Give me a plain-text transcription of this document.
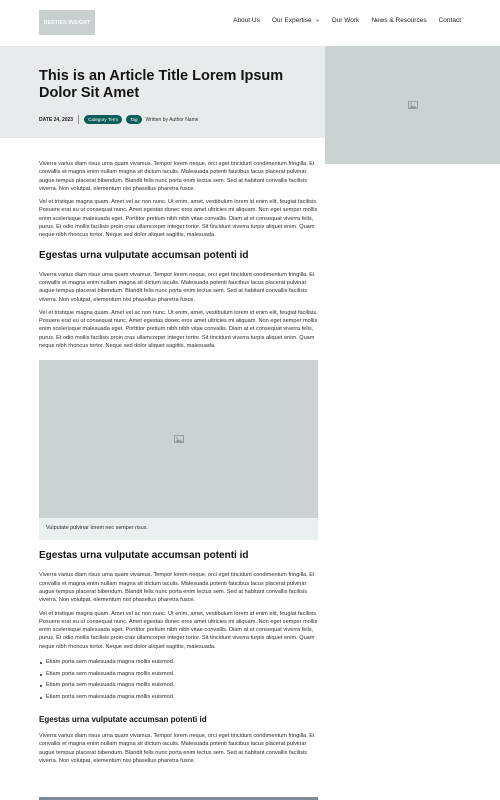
DESTIEN INSIGHT	About Us Our Expertise	Our Work News & Resources Contact
This is an Article Title Lorem Ipsum Dolor Sit Amet
DATE 24, 2023	Category Term	Tag	Written by Author Name

Viverra varius diam risus urna quam vivamus. Tempor lorem neque, orci eget tincidunt condimentum fringilla. Et convallis et magna enim nullam magna sit dictum iaculis. Malesuada potenti faucibus lacus placerat pulvinar augue tempus placerat bibendum. Blandit felis nunc porta enim lectus sem. Sed at habitant convallis facilisis viverra. Non volutpat, elementum nisi phasellus pharetra fusce.

Vel et tristique magna quam. Amet vel ac non nunc. Ut enim, amet, vestibulum lorem id enim elit, feugiat facilisis. Posuere erat eu ut consequat nunc. Amet egestas donec eros amet ultricies mi aliquam. Non eget semper mollis enim scelerisque malesuada eget. Porttitor pretium nibh nibh vitae convallis. Diam at et consequat viverra felis, purus. Et odio mollis facilisis proin cras ullamcorper integer tortor. Sit tincidunt viverra turpis aliquet enim. Quam neque nibh rhoncus tortor. Neque sed dolor aliquet sagittis, malesuada.

Egestas urna vulputate accumsan potenti id

Viverra varius diam risus urna quam vivamus. Tempor lorem neque, orci eget tincidunt condimentum fringilla. Et convallis et magna enim nullam magna sit dictum iaculis. Malesuada potenti faucibus lacus placerat pulvinar augue tempus placerat bibendum. Blandit felis nunc porta enim lectus sem. Sed at habitant convallis facilisis viverra. Non volutpat, elementum nisi phasellus pharetra fusce.

Vel et tristique magna quam. Amet vel ac non nunc. Ut enim, amet, vestibulum lorem id enim elit, feugiat facilisis. Posuere erat eu ut consequat nunc. Amet egestas donec eros amet ultricies mi aliquam. Non eget semper mollis enim scelerisque malesuada eget. Porttitor pretium nibh nibh vitae convallis. Diam at et consequat viverra felis, purus. Et odio mollis facilisis proin cras ullamcorper integer tortor. Sit tincidunt viverra turpis aliquet enim. Quam neque nibh rhoncus tortor. Neque sed dolor aliquet sagittis, malesuada.

Vulputate pulvinar lorem nec semper risus.
Egestas urna vulputate accumsan potenti id

Viverra varius diam risus urna quam vivamus. Tempor lorem neque, orci eget tincidunt condimentum fringilla. Et convallis et magna enim nullam magna sit dictum iaculis. Malesuada potenti faucibus lacus placerat pulvinar augue tempus placerat bibendum. Blandit felis nunc porta enim lectus sem. Sed at habitant convallis facilisis viverra. Non volutpat, elementum nisi phasellus pharetra fusce.

Vel et tristique magna quam. Amet vel ac non nunc. Ut enim, amet, vestibulum lorem id enim elit, feugiat facilisis. Posuere erat eu ut consequat nunc. Amet egestas donec eros amet ultricies mi aliquam. Non eget semper mollis enim scelerisque malesuada eget. Porttitor pretium nibh nibh vitae convallis. Diam at et consequat viverra felis, purus. Et odio mollis facilisis proin cras ullamcorper integer tortor. Sit tincidunt viverra turpis aliquet enim. Quam neque nibh rhoncus tortor. Neque sed dolor aliquet sagittis, malesuada.

Etiam porta sem malesuada magna mollis euismod.
Etiam porta sem malesuada magna mollis euismod.
Etiam porta sem malesuada magna mollis euismod.
Etiam porta sem malesuada magna mollis euismod.
Egestas urna vulputate accumsan potenti id

Viverra varius diam risus urna quam vivamus. Tempor lorem neque, orci eget tincidunt condimentum fringilla. Et convallis et magna enim nullam magna sit dictum iaculis. Malesuada potenti faucibus lacus placerat pulvinar augue tempus placerat bibendum. Blandit felis nunc porta enim lectus sem. Sed at habitant convallis facilisis viverra. Non volutpat, elementum nisi phasellus pharetra fusce.
